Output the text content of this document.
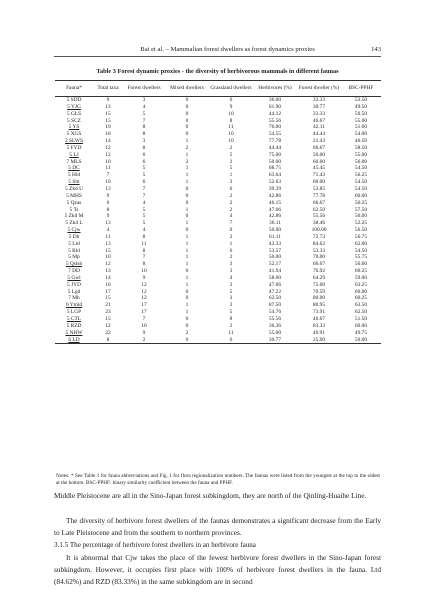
Bai et al. – Mammalian forest dwellers as forest dynamics proxies	143
Table 3 Forest dynamic proxies - the diversity of herbivorous mammals in different faunas
Fauna*	Total taxa	Forest dwellers	Mixed dwellers	Grassland dwellers	Herbivores (%)	Forest dweller (%)	BSC-PPHF
5 SDD	9	3	0	6	36.00	33.33	53.50
5 YJG	13	4	0	9	61.90	30.77	49.50
5 GLS	15	5	0	10	44.12	33.33	50.50
5 SCZ	15	7	0	8	55.56	46.67	55.00
5 YS	19	8	0	11	76.00	42.11	51.00
5 XGS	18	8	0	10	54.55	44.44	54.00
2 SLWS	14	3	1	10	77.78	21.43	46.50
5 FYD	12	8	2	2	44.44	66.67	58.50
5 LJ	12	6	1	5	75.00	50.00	55.00
7 MLS	10	6	2	2	50.00	60.00	56.00
5 DC	11	5	1	5	68.75	45.45	54.50
5 Hld	7	5	1	1	63.64	71.43	56.25
5 Sht	10	6	1	3	52.63	60.00	54.50
5 Zkd U	13	7	0	6	39.39	53.85	54.50
5 MHS	9	7	0	2	42.86	77.78	60.00
5 Qzas	6	4	0	2	46.15	66.67	56.25
5 Ts	8	5	1	2	47.06	62.50	57.50
5 Zkd M	9	5	0	4	42.86	55.56	56.00
5 Zkd L	13	5	1	7	36.11	38.46	52.25
5 Cjw	4	4	0	0	50.00	100.00	56.50
5 Dh	11	8	1	2	61.11	72.73	56.75
5 Ltd	13	11	1	1	43.33	84.62	62.00
5 Bld	15	8	1	6	53.57	53.33	54.50
5 Mp	10	7	1	2	50.00	70.00	55.75
5 Qslsb	12	8	1	3	52.17	66.67	56.00
7 DD	13	10	0	3	41.94	76.92	60.25
5 Gwl	14	9	1	4	58.00	64.29	59.00
5 JYD	16	12	1	3	47.06	75.00	63.25
5 Lgd	17	12	0	5	47.22	70.59	60.00
7 Mh	15	12	0	3	62.50	80.00	60.25
6 Ymld	21	17	1	3	87.50	80.95	63.50
5 LGP	23	17	1	5	54.76	73.91	62.50
5 CTL	15	7	0	8	55.56	46.67	51.50
5 RZD	12	10	0	2	36.36	83.33	60.00
5 NHW	22	9	2	11	55.00	40.91	49.75
6 LD	8	2	0	6	30.77	25.00	50.00
Notes: * See Table 1 for fauna abbreviations and Fig. 1 for flora regionalization numbers. The faunas were listed from the youngest at the top to the oldest at the bottom. BSC-PPHF: binary similarity coefficient between the fauna and PPHF.
Middle Pleistocene are all in the Sino-Japan forest subkingdom, they are north of the Qinling-Huaihe Line.
The diversity of herbivore forest dwellers of the faunas demonstrates a significant decrease from the Early to Late Pleistocene and from the southern to northern provinces.
3.1.5 The percentage of herbivore forest dwellers in an herbivore fauna
It is abnormal that Cjw takes the place of the fewest herbivore forest dwellers in the Sino-Japan forest subkingdom. However, it occupies first place with 100% of herbivore forest dwellers in the fauna. Ltd (84.62%) and RZD (83.33%) in the same subkingdom are in second
